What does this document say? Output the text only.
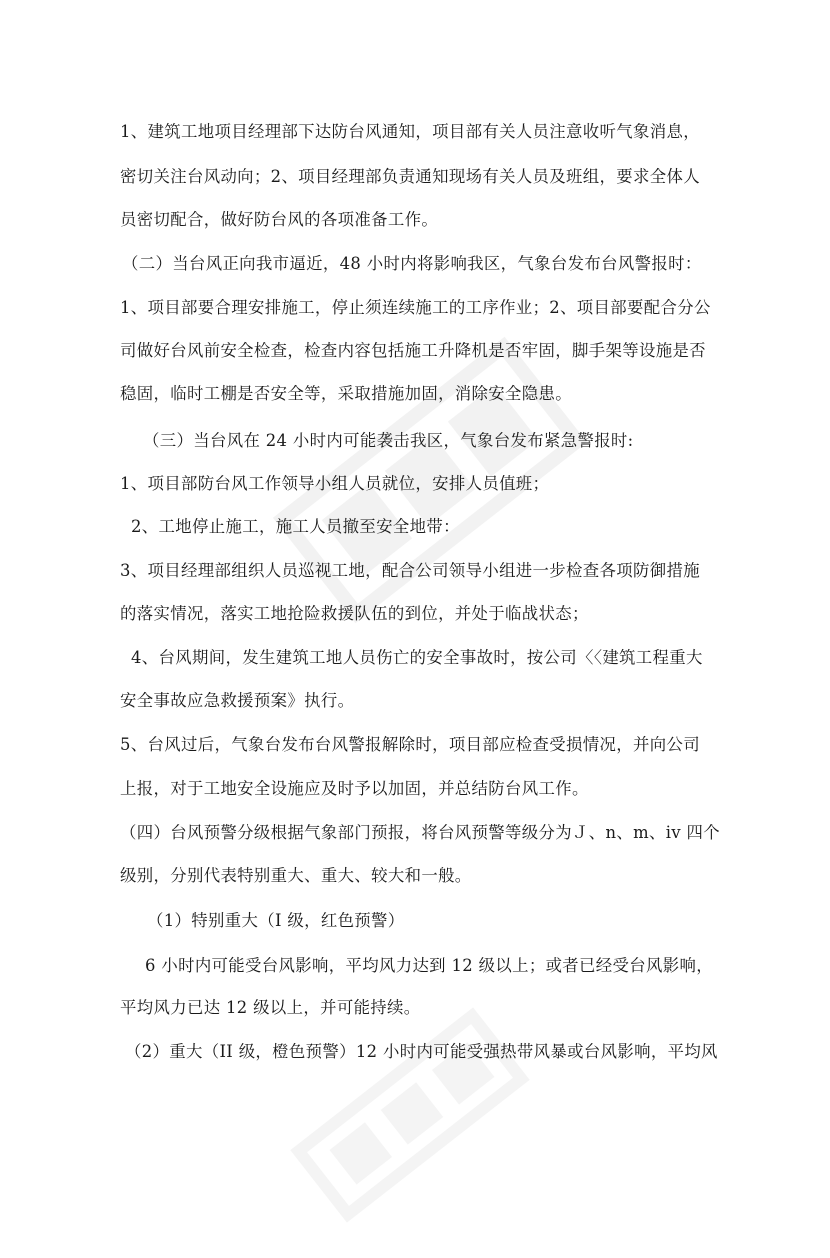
1、建筑工地项目经理部下达防台风通知，项目部有关人员注意收听气象消息，
密切关注台风动向；2、项目经理部负责通知现场有关人员及班组，要求全体人
员密切配合，做好防台风的各项准备工作。
（二）当台风正向我市逼近，48 小时内将影响我区，气象台发布台风警报时：
1、项目部要合理安排施工，停止须连续施工的工序作业；2、项目部要配合分公
司做好台风前安全检查，检查内容包括施工升降机是否牢固，脚手架等设施是否
稳固，临时工棚是否安全等，采取措施加固，消除安全隐患。
（三）当台风在 24 小时内可能袭击我区，气象台发布紧急警报时:
1、项目部防台风工作领导小组人员就位，安排人员值班；
2、工地停止施工，施工人员撤至安全地带：
3、项目经理部组织人员巡视工地，配合公司领导小组进一步检查各项防御措施
的落实情况，落实工地抢险救援队伍的到位，并处于临战状态；
4、台风期间，发生建筑工地人员伤亡的安全事故时，按公司〈〈建筑工程重大
安全事故应急救援预案》执行。
5、台风过后，气象台发布台风警报解除时，项目部应检查受损情况，并向公司
上报，对于工地安全设施应及时予以加固，并总结防台风工作。
（四）台风预警分级根据气象部门预报，将台风预警等级分为Ｊ、n、m、iv 四个
级别，分别代表特别重大、重大、较大和一般。
（1）特别重大（I 级，红色预警）
6 小时内可能受台风影响，平均风力达到 12 级以上；或者已经受台风影响，
平均风力已达 12 级以上，并可能持续。
（2）重大（II 级，橙色预警）12 小时内可能受强热带风暴或台风影响，平均风
